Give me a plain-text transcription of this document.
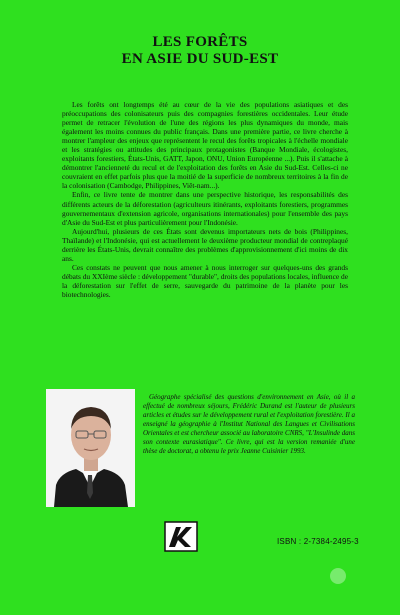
LES FORÊTS
EN ASIE DU SUD-EST

Les forêts ont longtemps été au cœur de la vie des populations asiatiques et des préoccupations des colonisateurs puis des compagnies forestières occidentales. Leur étude permet de retracer l'évolution de l'une des régions les plus dynamiques du monde, mais également les moins connues du public français. Dans une première partie, ce livre cherche à montrer l'ampleur des enjeux que représentent le recul des forêts tropicales à l'échelle mondiale et les stratégies ou attitudes des principaux protagonistes (Banque Mondiale, écologistes, exploitants forestiers, États-Unis, GATT, Japon, ONU, Union Européenne ...). Puis il s'attache à démontrer l'ancienneté du recul et de l'exploitation des forêts en Asie du Sud-Est. Celles-ci ne couvraient en effet parfois plus que la moitié de la superficie de nombreux territoires à la fin de la colonisation (Cambodge, Philippines, Viêt-nam...).

Enfin, ce livre tente de montrer dans une perspective historique, les responsabilités des différents acteurs de la déforestation (agriculteurs itinérants, exploitants forestiers, programmes gouvernementaux d'extension agricole, organisations internationales) pour l'ensemble des pays d'Asie du Sud-Est et plus particulièrement pour l'Indonésie.

Aujourd'hui, plusieurs de ces États sont devenus importateurs nets de bois (Philippines, Thaïlande) et l'Indonésie, qui est actuellement le deuxième producteur mondial de contreplaqué derrière les États-Unis, devrait connaître des problèmes d'approvisionnement d'ici moins de dix ans.

Ces constats ne peuvent que nous amener à nous interroger sur quelques-uns des grands débats du XXIème siècle : développement "durable", droits des populations locales, influence de la déforestation sur l'effet de serre, sauvegarde du patrimoine de la planète pour les biotechnologies.

Géographe spécialisé des questions d'environnement en Asie, où il a effectué de nombreux séjours, Frédéric Durand est l'auteur de plusieurs articles et études sur le développement rural et l'exploitation forestière. Il a enseigné la géographie à l'Institut National des Langues et Civilisations Orientales et est chercheur associé au laboratoire CNRS, "L'Insulinde dans son contexte eurasiatique". Ce livre, qui est la version remaniée d'une thèse de doctorat, a obtenu le prix Jeanne Cuisinier 1993.

ISBN : 2-7384-2495-3
